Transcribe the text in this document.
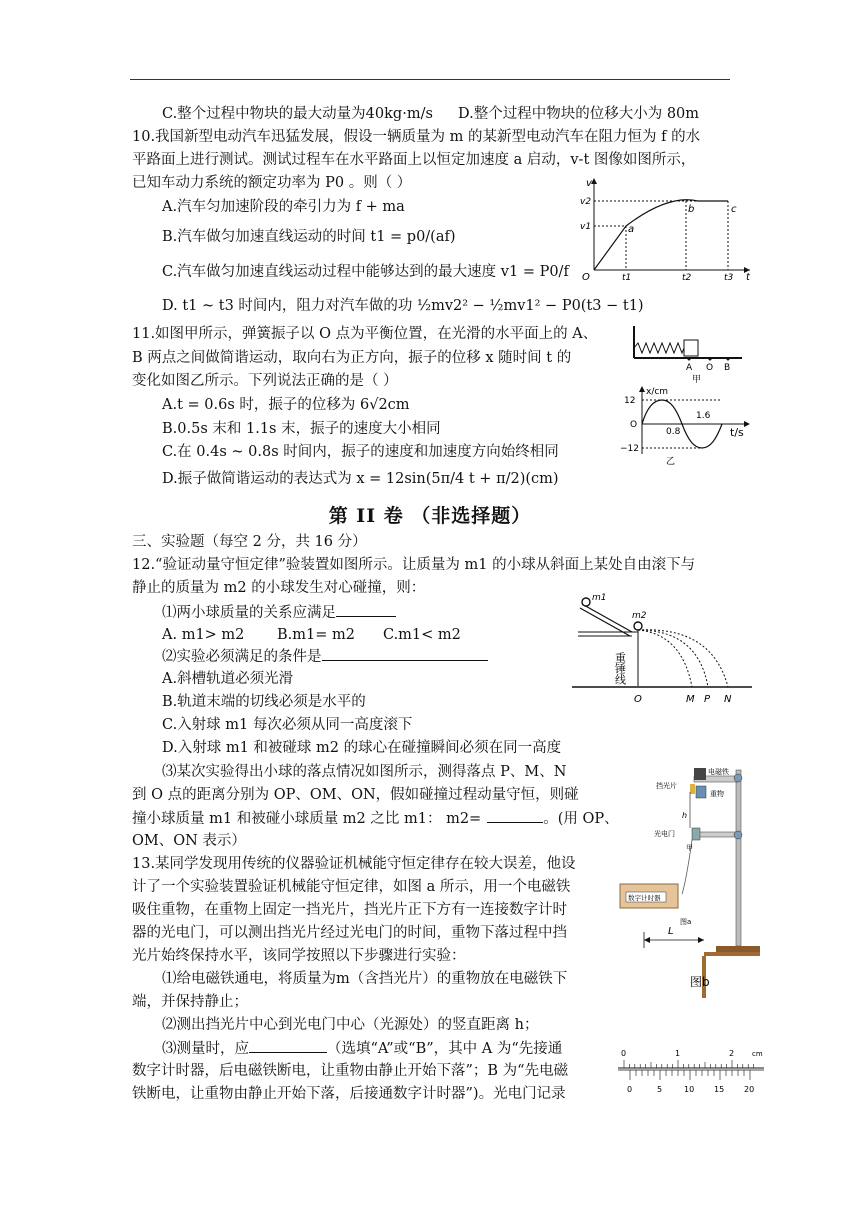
C.整个过程中物块的最大动量为40kg·m/s D.整个过程中物块的位移大小为 80m
10.我国新型电动汽车迅猛发展，假设一辆质量为 m 的某新型电动汽车在阻力恒为 f 的水
平路面上进行测试。测试过程车在水平路面上以恒定加速度 a 启动，v-t 图像如图所示，
已知车动力系统的额定功率为 P0 。则（ ）
A.汽车匀加速阶段的牵引力为 f + ma
B.汽车做匀加速直线运动的时间 t1 = p0/(af)
C.汽车做匀加速直线运动过程中能够达到的最大速度 v1 = P0/f
D. t1 ~ t3 时间内，阻力对汽车做的功 ½mv2² − ½mv1² − P0(t3 − t1)
v
t
O
v2
v1
t1	t2	t3
a
b	c
11.如图甲所示，弹簧振子以 O 点为平衡位置，在光滑的水平面上的 A、
B 两点之间做简谐运动，取向右为正方向，振子的位移 x 随时间 t 的
变化如图乙所示。下列说法正确的是（ ）
A.t = 0.6s 时，振子的位移为 6√2cm
B.0.5s 末和 1.1s 末，振子的速度大小相同
C.在 0.4s ~ 0.8s 时间内，振子的速度和加速度方向始终相同
D.振子做简谐运动的表达式为 x = 12sin(5π/4 t + π/2)(cm)
A O B
甲
x/cm
t/s
12
O
−12
0.8
1.6
乙
第 II 卷 （非选择题）
三、实验题（每空 2 分，共 16 分）
12.“验证动量守恒定律”验装置如图所示。让质量为 m1 的小球从斜面上某处自由滚下与
静止的质量为 m2 的小球发生对心碰撞，则：
⑴两小球质量的关系应满足
A. m1> m2 B.m1= m2 C.m1< m2
⑵实验必须满足的条件是
A.斜槽轨道必须光滑
B.轨道末端的切线必须是水平的
C.入射球 m1 每次必须从同一高度滚下
D.入射球 m1 和被碰球 m2 的球心在碰撞瞬间必须在同一高度
⑶某次实验得出小球的落点情况如图所示，测得落点 P、M、N
到 O 点的距离分别为 OP、OM、ON，假如碰撞过程动量守恒，则碰
撞小球质量 m1 和被碰小球质量 m2 之比 m1： m2=	。(用 OP、
OM、ON 表示）
m1
m2
重锤线
O	M P N
13.某同学发现用传统的仪器验证机械能守恒定律存在较大误差，他设
计了一个实验装置验证机械能守恒定律，如图 a 所示，用一个电磁铁
吸住重物，在重物上固定一挡光片，挡光片正下方有一连接数字计时
器的光电门，可以测出挡光片经过光电门的时间，重物下落过程中挡
光片始终保持水平，该同学按照以下步骤进行实验：
⑴给电磁铁通电，将质量为m（含挡光片）的重物放在电磁铁下
端，并保持静止；
⑵测出挡光片中心到光电门中心（光源处）的竖直距离 h；
⑶测量时，应	（选填“A”或“B”，其中 A 为“先接通
数字计时器，后电磁铁断电，让重物由静止开始下落”；B 为“先电磁
铁断电，让重物由静止开始下落，后接通数字计时器”)。光电门记录
挡光片
电磁铁
重物
h
光电门
甲
数字计时器
图a
L
图b
0	1	2	cm
0	5	10 15 20
